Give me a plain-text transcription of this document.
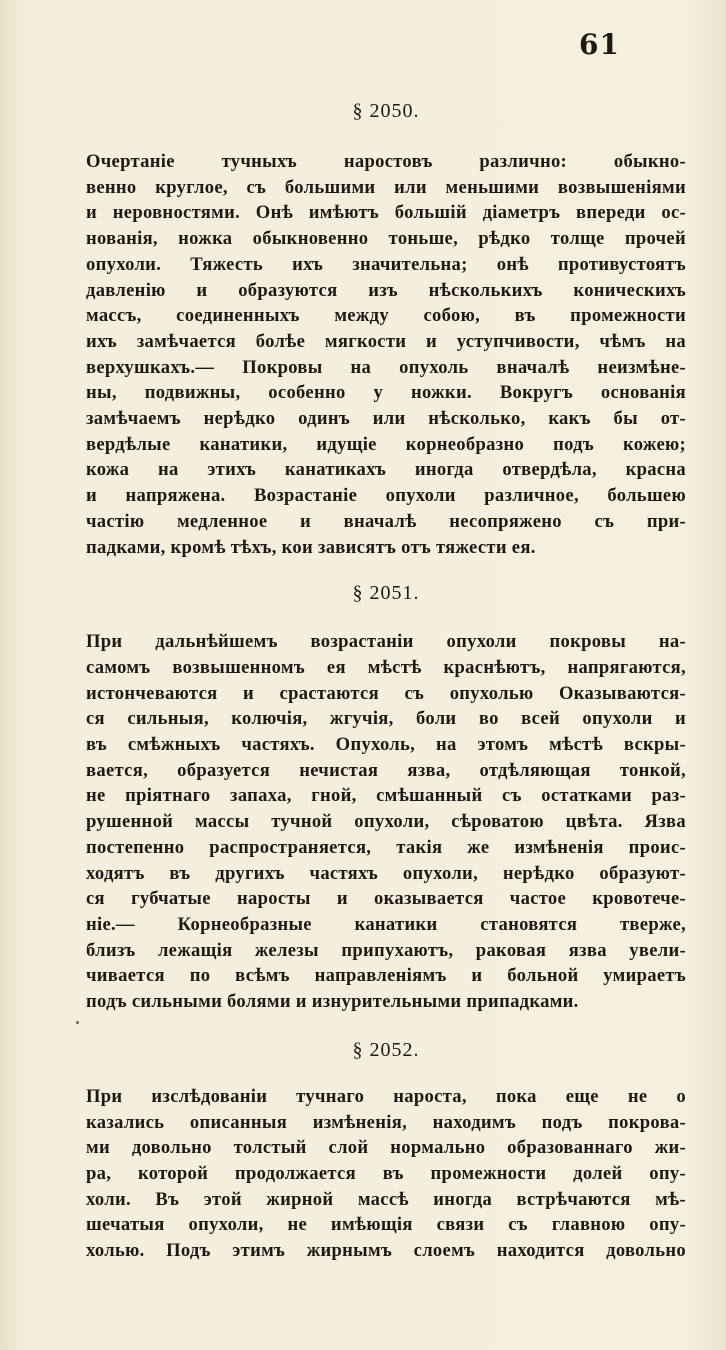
61
§ 2050.
Очертаніе тучныхъ наростовъ различно: обыкно-
венно круглое, съ большими или меньшими возвышеніями
и неровностями. Онѣ имѣютъ большій діаметръ впереди ос-
нованія, ножка обыкновенно тоньше, рѣдко толще прочей
опухоли. Тяжесть ихъ значительна; онѣ противустоятъ
давленію и образуются изъ нѣсколькихъ коническихъ
массъ, соединенныхъ между собою, въ промежности
ихъ замѣчается болѣе мягкости и уступчивости, чѣмъ на
верхушкахъ.— Покровы на опухоль вначалѣ неизмѣне-
ны, подвижны, особенно у ножки. Вокругъ основанія
замѣчаемъ нерѣдко одинъ или нѣсколько, какъ бы от-
вердѣлые канатики, идущіе корнеобразно подъ кожею;
кожа на этихъ канатикахъ иногда отвердѣла, красна
и напряжена. Возрастаніе опухоли различное, большею
частію медленное и вначалѣ несопряжено съ при-
падками, кромѣ тѣхъ, кои зависятъ отъ тяжести ея.
§ 2051.
При дальнѣйшемъ возрастаніи опухоли покровы на-
самомъ возвышенномъ ея мѣстѣ краснѣютъ, напрягаются,
истончеваются и срастаются съ опухолью Оказываются-
ся сильныя, колючія, жгучія, боли во всей опухоли и
въ смѣжныхъ частяхъ. Опухоль, на этомъ мѣстѣ вскры-
вается, образуется нечистая язва, отдѣляющая тонкой,
не пріятнаго запаха, гной, смѣшанный съ остатками раз-
рушенной массы тучной опухоли, сѣроватою цвѣта. Язва
постепенно распространяется, такія же измѣненія проис-
ходятъ въ другихъ частяхъ опухоли, нерѣдко образуют-
ся губчатые наросты и оказывается частое кровотече-
ніе.— Корнеобразные канатики становятся тверже,
близъ лежащія железы припухаютъ, раковая язва увели-
чивается по всѣмъ направленіямъ и больной умираетъ
подъ сильными болями и изнурительными припадками.
§ 2052.
При изслѣдованіи тучнаго нароста, пока еще не о
казались описанныя измѣненія, находимъ подъ покрова-
ми довольно толстый слой нормально образованнаго жи-
ра, которой продолжается въ промежности долей опу-
холи. Въ этой жирной массѣ иногда встрѣчаются мѣ-
шечатыя опухоли, не имѣющія связи съ главною опу-
холью. Подъ этимъ жирнымъ слоемъ находится довольно
